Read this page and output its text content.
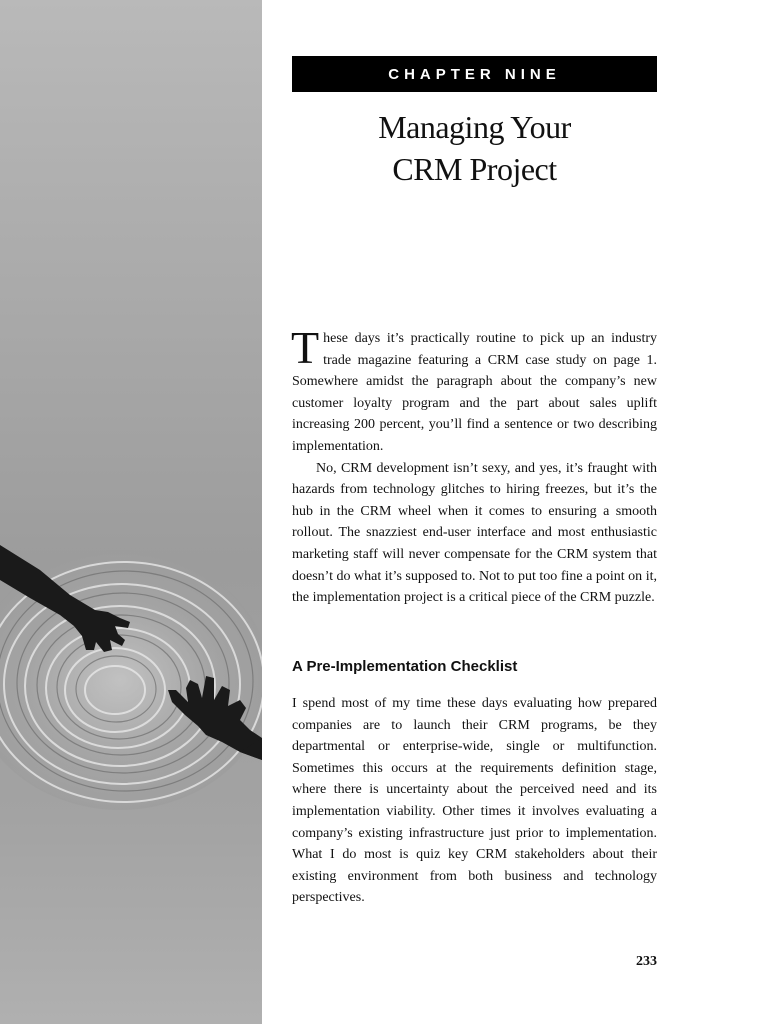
CHAPTER NINE
Managing Your
CRM Project

These days it’s practically routine to pick up an industry trade magazine featuring a CRM case study on page 1. Somewhere amidst the paragraph about the company’s new customer loyalty program and the part about sales uplift increasing 200 percent, you’ll find a sentence or two describing implementation.

No, CRM development isn’t sexy, and yes, it’s fraught with hazards from technology glitches to hiring freezes, but it’s the hub in the CRM wheel when it comes to ensuring a smooth rollout. The snazziest end-user interface and most enthusiastic marketing staff will never compensate for the CRM system that doesn’t do what it’s supposed to. Not to put too fine a point on it, the implementation project is a critical piece of the CRM puzzle.

A Pre-Implementation Checklist

I spend most of my time these days evaluating how prepared companies are to launch their CRM programs, be they departmental or enterprise-wide, single or multifunction. Sometimes this occurs at the requirements definition stage, where there is uncertainty about the perceived need and its implementation viability. Other times it involves evaluating a company’s existing infrastructure just prior to implementation. What I do most is quiz key CRM stakeholders about their existing environment from both business and technology perspectives.

233
